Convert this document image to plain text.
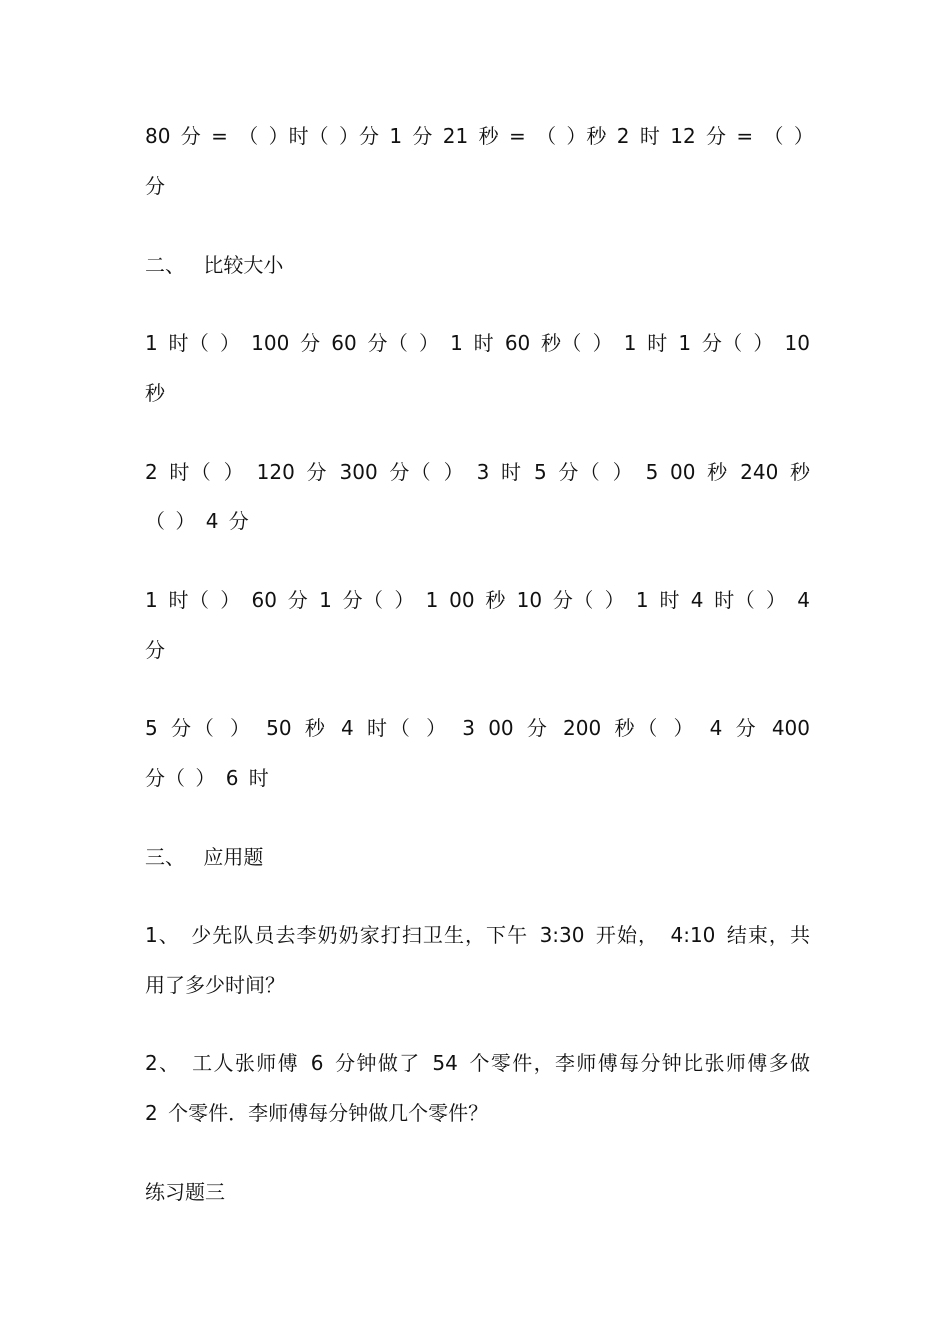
80 分 = （ ）时（ ）分 1 分 21 秒 = （ ）秒 2 时 12 分 = （ ）
分
二、 比较大小
1 时（ ） 100 分 60 分（ ） 1 时 60 秒（ ） 1 时 1 分（ ） 10
秒
2 时（ ） 120 分 300 分（ ） 3 时 5 分（ ） 5 00 秒 240 秒
（ ） 4 分
1 时（ ） 60 分 1 分（ ） 1 00 秒 10 分（ ） 1 时 4 时（ ） 4
分
5 分（ ） 50 秒 4 时（ ） 3 00 分 200 秒（ ） 4 分 400
分（ ） 6 时
三、 应用题
1、 少先队员去李奶奶家打扫卫生，下午 3:30 开始， 4:10 结束，共
用了多少时间？
2、 工人张师傅 6 分钟做了 54 个零件，李师傅每分钟比张师傅多做
2 个零件．李师傅每分钟做几个零件？
练习题三
